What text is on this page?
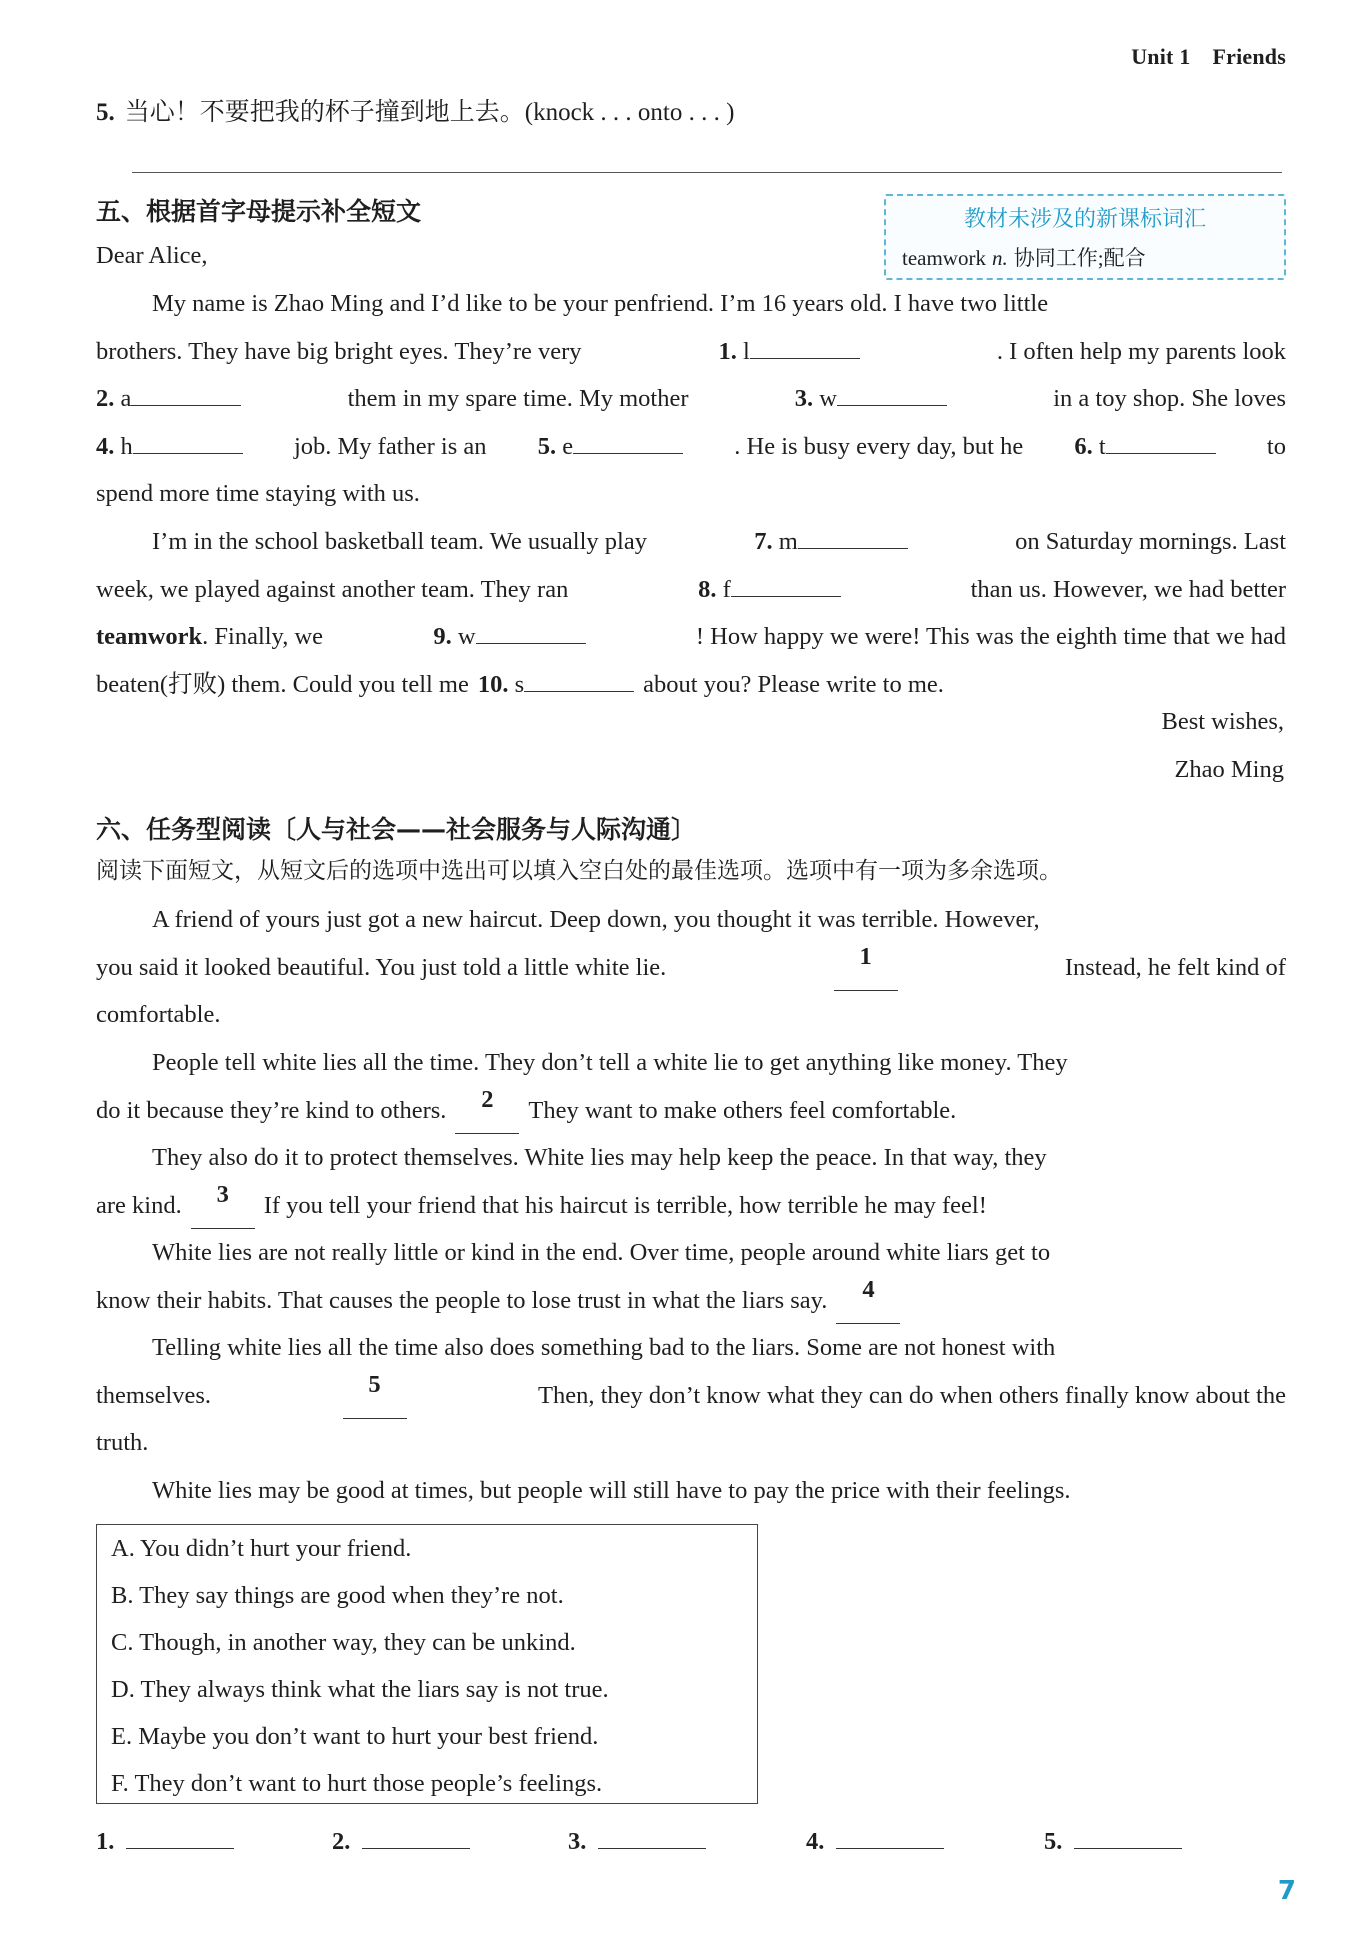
Unit 1 Friends
5. 当心！不要把我的杯子撞到地上去。(knock . . . onto . . . )
五、根据首字母提示补全短文	教材未涉及的新课标词汇
teamwork n. 协同工作;配合
Dear Alice,
My name is Zhao Ming and I’d like to be your penfriend. I’m 16 years old. I have two little
brothers. They have big bright eyes. They’re very	1. l	. I often help my parents look
2. a	them in my spare time. My mother	3. w	in a toy shop. She loves
4. h	job. My father is an 5. e	. He is busy every day, but he 6. t	to
spend more time staying with us.
I’m in the school basketball team. We usually play	7. m	on Saturday mornings. Last
week, we played against another team. They ran	8. f	than us. However, we had better
teamwork. Finally, we	9. w	! How happy we were! This was the eighth time that we had
beaten(打败) them. Could you tell me 10. s	about you? Please write to me.
Best wishes,
Zhao Ming
六、任务型阅读〔人与社会——社会服务与人际沟通〕
阅读下面短文，从短文后的选项中选出可以填入空白处的最佳选项。选项中有一项为多余选项。
A friend of yours just got a new haircut. Deep down, you thought it was terrible. However,
you said it looked beautiful. You just told a little white lie.	1	Instead, he felt kind of
comfortable.
People tell white lies all the time. They don’t tell a white lie to get anything like money. They
do it because they’re kind to others.	2	They want to make others feel comfortable.
They also do it to protect themselves. White lies may help keep the peace. In that way, they
are kind.	3	If you tell your friend that his haircut is terrible, how terrible he may feel!
White lies are not really little or kind in the end. Over time, people around white liars get to
know their habits. That causes the people to lose trust in what the liars say.	4
Telling white lies all the time also does something bad to the liars. Some are not honest with
themselves.	5	Then, they don’t know what they can do when others finally know about the
truth.
White lies may be good at times, but people will still have to pay the price with their feelings.
A. You didn’t hurt your friend.
B. They say things are good when they’re not.
C. Though, in another way, they can be unkind.
D. They always think what the liars say is not true.
E. Maybe you don’t want to hurt your best friend.
F. They don’t want to hurt those people’s feelings.
1.	2.	3.	4.	5.
7
